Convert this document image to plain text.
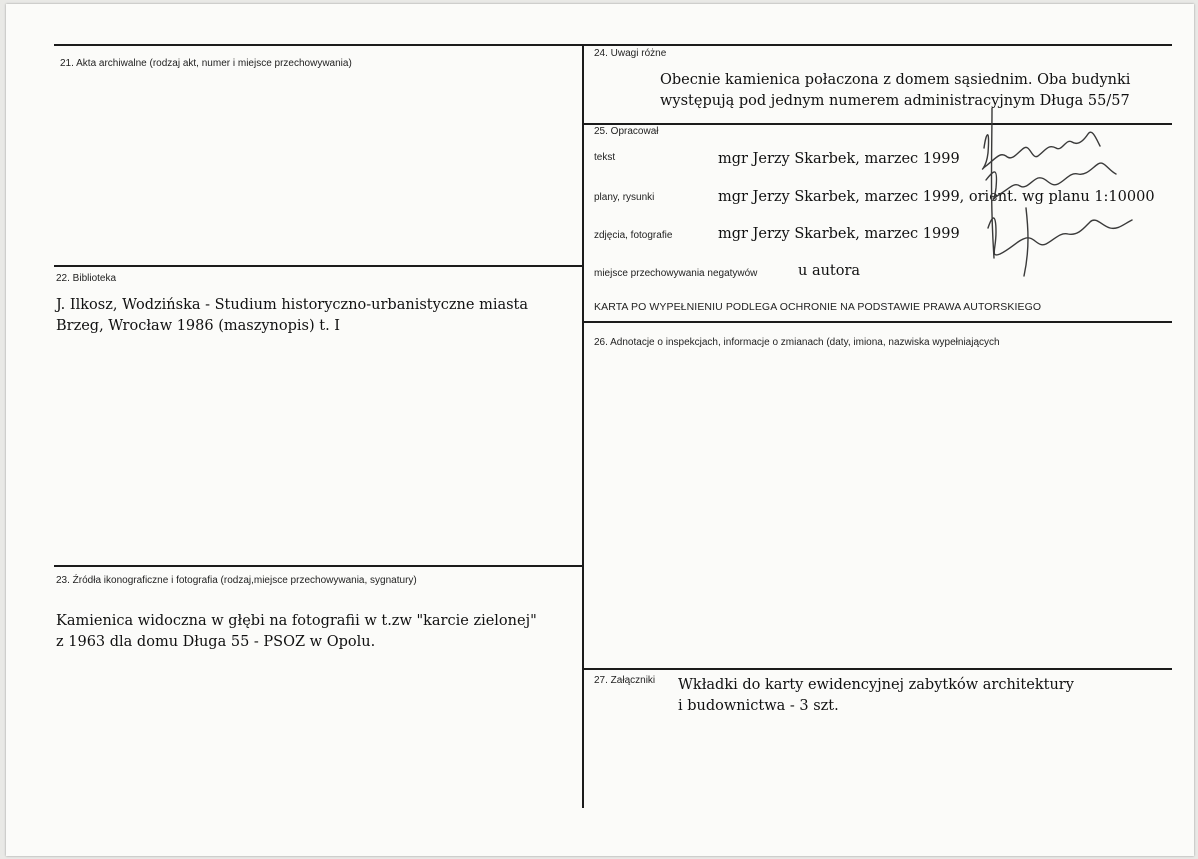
21. Akta archiwalne (rodzaj akt, numer i miejsce przechowywania)
22. Biblioteka
J. Ilkosz, Wodzińska - Studium historyczno-urbanistyczne miasta
Brzeg, Wrocław 1986 (maszynopis) t. I
23. Źródła ikonograficzne i fotografia (rodzaj,miejsce przechowywania, sygnatury)
Kamienica widoczna w głębi na fotografii w t.zw "karcie zielonej"
z 1963 dla domu Długa 55 - PSOZ w Opolu.
24. Uwagi różne
Obecnie kamienica połaczona z domem sąsiednim. Oba budynki
występują pod jednym numerem administracyjnym Długa 55/57
25. Opracował
tekst	mgr Jerzy Skarbek, marzec 1999
plany, rysunki	mgr Jerzy Skarbek, marzec 1999, orient. wg planu 1:10000
zdjęcia, fotografie	mgr Jerzy Skarbek, marzec 1999
miejsce przechowywania negatywów	u autora
KARTA PO WYPEŁNIENIU PODLEGA OCHRONIE NA PODSTAWIE PRAWA AUTORSKIEGO
26. Adnotacje o inspekcjach, informacje o zmianach (daty, imiona, nazwiska wypełniających
27. Załączniki Wkładki do karty ewidencyjnej zabytków architektury
i budownictwa - 3 szt.
